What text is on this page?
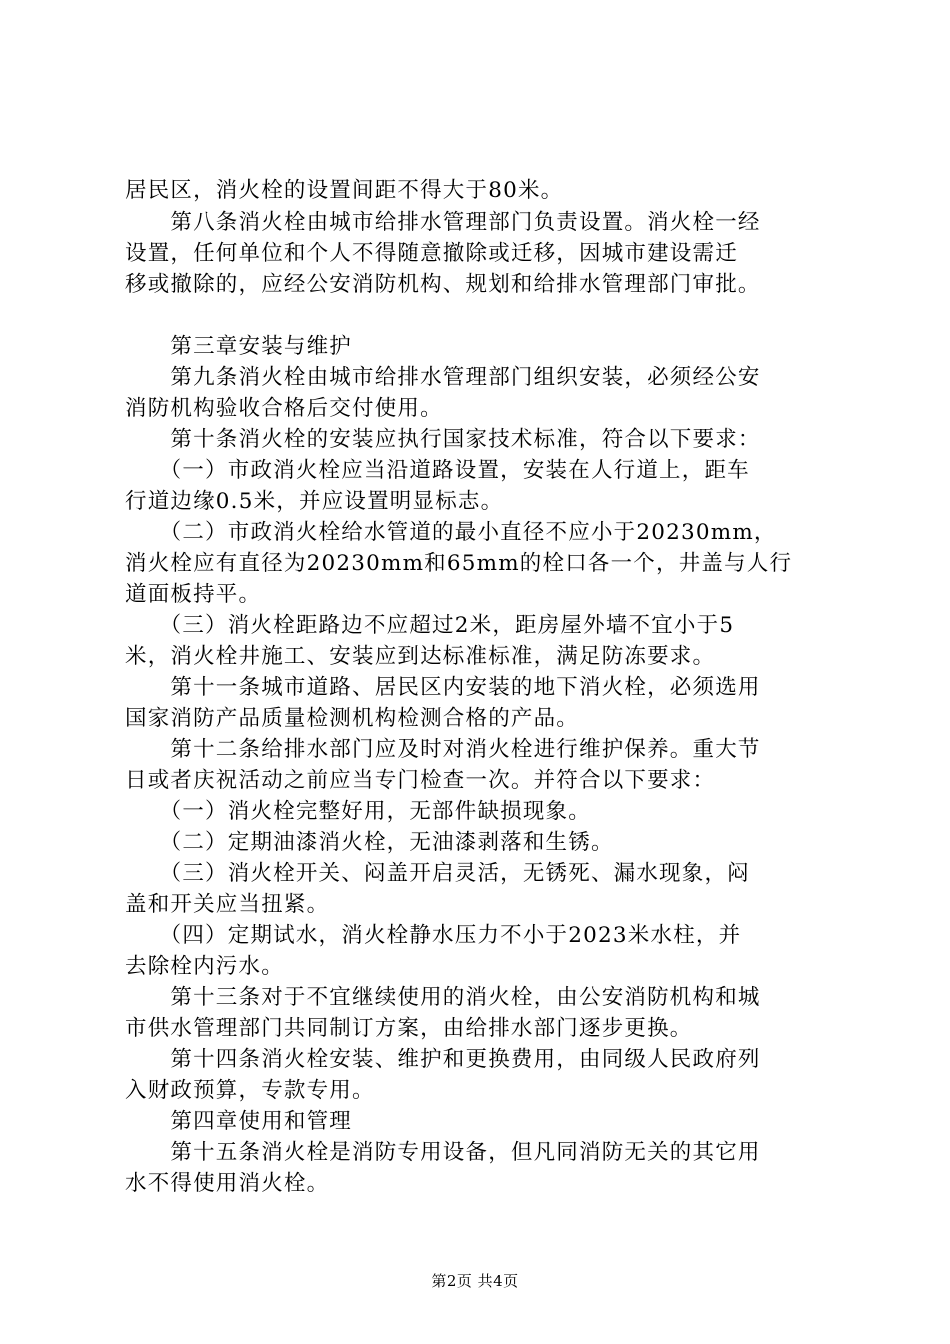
居民区，消火栓的设置间距不得大于80米。
　　第八条消火栓由城市给排水管理部门负责设置。消火栓一经
设置，任何单位和个人不得随意撤除或迁移，因城市建设需迁
移或撤除的，应经公安消防机构、规划和给排水管理部门审批。
　　第三章安装与维护
　　第九条消火栓由城市给排水管理部门组织安装，必须经公安
消防机构验收合格后交付使用。
　　第十条消火栓的安装应执行国家技术标准，符合以下要求：
　　（一）市政消火栓应当沿道路设置，安装在人行道上，距车
行道边缘0.5米，并应设置明显标志。
　　（二）市政消火栓给水管道的最小直径不应小于20230mm，
消火栓应有直径为20230mm和65mm的栓口各一个，井盖与人行
道面板持平。
　　（三）消火栓距路边不应超过2米，距房屋外墙不宜小于5
米，消火栓井施工、安装应到达标准标准，满足防冻要求。
　　第十一条城市道路、居民区内安装的地下消火栓，必须选用
国家消防产品质量检测机构检测合格的产品。
　　第十二条给排水部门应及时对消火栓进行维护保养。重大节
日或者庆祝活动之前应当专门检查一次。并符合以下要求：
　　（一）消火栓完整好用，无部件缺损现象。
　　（二）定期油漆消火栓，无油漆剥落和生锈。
　　（三）消火栓开关、闷盖开启灵活，无锈死、漏水现象，闷
盖和开关应当扭紧。
　　（四）定期试水，消火栓静水压力不小于2023米水柱，并
去除栓内污水。
　　第十三条对于不宜继续使用的消火栓，由公安消防机构和城
市供水管理部门共同制订方案，由给排水部门逐步更换。
　　第十四条消火栓安装、维护和更换费用，由同级人民政府列
入财政预算，专款专用。
　　第四章使用和管理
　　第十五条消火栓是消防专用设备，但凡同消防无关的其它用
水不得使用消火栓。
第2页 共4页
